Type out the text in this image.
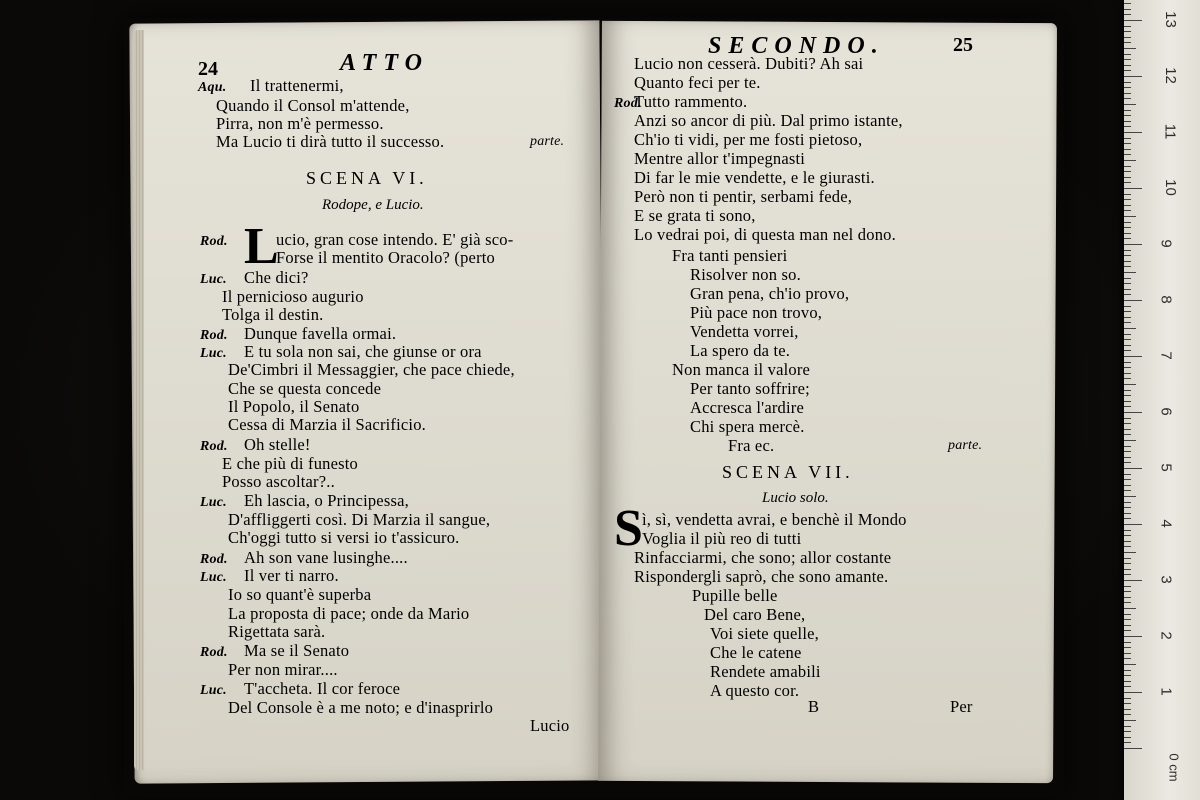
24	ATTO
Aqu. Il trattenermi,
Quando il Consol m'attende,
Pirra, non m'è permesso.
Ma Lucio ti dirà tutto il successo.	parte.
SCENA VI.
Rodope, e Lucio.
L
Rod.	ucio, gran cose intendo. E' già sco-
Forse il mentito Oracolo? (perto
Luc. Che dici?
Il pernicioso augurio
Tolga il destin.
Rod. Dunque favella ormai.
Luc. E tu sola non sai, che giunse or ora
De'Cimbri il Messaggier, che pace chiede,
Che se questa concede
Il Popolo, il Senato
Cessa di Marzia il Sacrificio.
Rod. Oh stelle!
E che più di funesto
Posso ascoltar?..
Luc. Eh lascia, o Principessa,
D'affliggerti così. Di Marzia il sangue,
Ch'oggi tutto si versi io t'assicuro.
Rod. Ah son vane lusinghe....
Luc. Il ver ti narro.
Io so quant'è superba
La proposta di pace; onde da Mario
Rigettata sarà.
Rod. Ma se il Senato
Per non mirar....
Luc. T'accheta. Il cor feroce
Del Console è a me noto; e d'inasprirlo
Lucio
SECONDO.	25
Lucio non cesserà. Dubiti? Ah sai
Quanto feci per te.
Rod.Tutto rammento.
Anzi so ancor di più. Dal primo istante,
Ch'io ti vidi, per me fosti pietoso,
Mentre allor t'impegnasti
Di far le mie vendette, e le giurasti.
Però non ti pentir, serbami fede,
E se grata ti sono,
Lo vedrai poi, di questa man nel dono.
Fra tanti pensieri
Risolver non so.
Gran pena, ch'io provo,
Più pace non trovo,
Vendetta vorrei,
La spero da te.
Non manca il valore
Per tanto soffrire;
Accresca l'ardire
Chi spera mercè.
Fra ec.	parte.
SCENA VII.
Lucio solo.
S ì, sì, vendetta avrai, e benchè il Mondo
Voglia il più reo di tutti
Rinfacciarmi, che sono; allor costante
Rispondergli saprò, che sono amante.
Pupille belle
Del caro Bene,
Voi siete quelle,
Che le catene
Rendete amabili
A questo cor.
B	Per
1
2
3
4
5
6
7
8
9
10
11
12
13
0 cm
